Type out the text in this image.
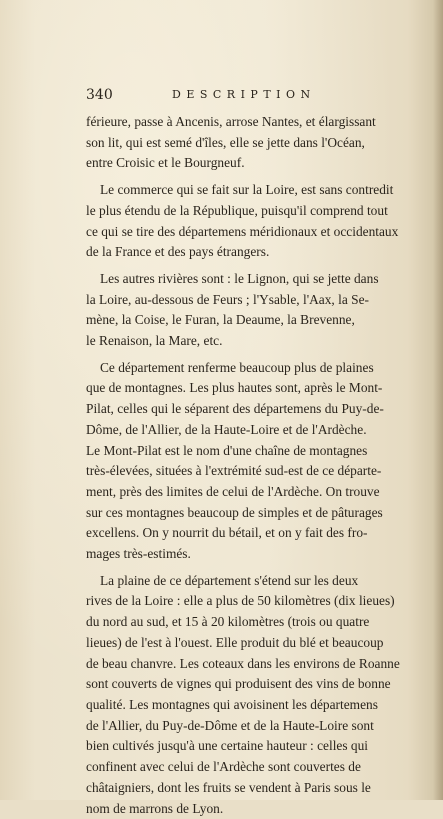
340	DESCRIPTION
férieure, passe à Ancenis, arrose Nantes, et élargissant
son lit, qui est semé d'îles, elle se jette dans l'Océan,
entre Croisic et le Bourgneuf.
Le commerce qui se fait sur la Loire, est sans contredit
le plus étendu de la République, puisqu'il comprend tout
ce qui se tire des départemens méridionaux et occidentaux
de la France et des pays étrangers.
Les autres rivières sont : le Lignon, qui se jette dans
la Loire, au-dessous de Feurs ; l'Ysable, l'Aax, la Se-
mène, la Coise, le Furan, la Deaume, la Brevenne,
le Renaison, la Mare, etc.
Ce département renferme beaucoup plus de plaines
que de montagnes. Les plus hautes sont, après le Mont-
Pilat, celles qui le séparent des départemens du Puy-de-
Dôme, de l'Allier, de la Haute-Loire et de l'Ardèche.
Le Mont-Pilat est le nom d'une chaîne de montagnes
très-élevées, situées à l'extrémité sud-est de ce départe-
ment, près des limites de celui de l'Ardèche. On trouve
sur ces montagnes beaucoup de simples et de pâturages
excellens. On y nourrit du bétail, et on y fait des fro-
mages très-estimés.
La plaine de ce département s'étend sur les deux
rives de la Loire : elle a plus de 50 kilomètres (dix lieues)
du nord au sud, et 15 à 20 kilomètres (trois ou quatre
lieues) de l'est à l'ouest. Elle produit du blé et beaucoup
de beau chanvre. Les coteaux dans les environs de Roanne
sont couverts de vignes qui produisent des vins de bonne
qualité. Les montagnes qui avoisinent les départemens
de l'Allier, du Puy-de-Dôme et de la Haute-Loire sont
bien cultivés jusqu'à une certaine hauteur : celles qui
confinent avec celui de l'Ardèche sont couvertes de
châtaigniers, dont les fruits se vendent à Paris sous le
nom de marrons de Lyon.
